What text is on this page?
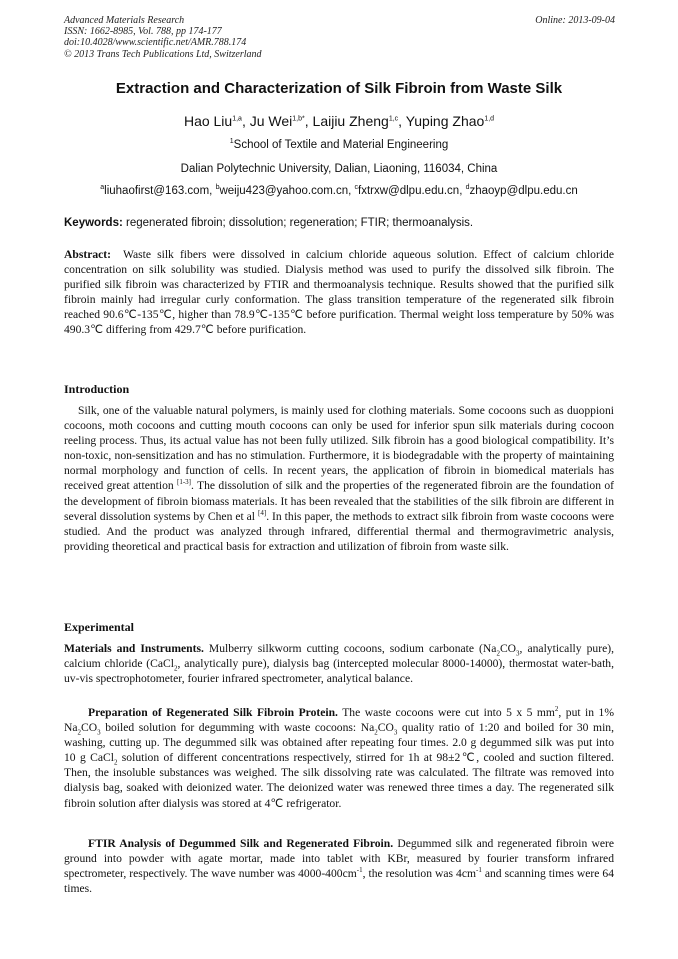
Advanced Materials Research
ISSN: 1662-8985, Vol. 788, pp 174-177
doi:10.4028/www.scientific.net/AMR.788.174
© 2013 Trans Tech Publications Ltd, Switzerland
Online: 2013-09-04
Extraction and Characterization of Silk Fibroin from Waste Silk
Hao Liu$^{1,a}$, Ju Wei$^{1,b*}$, Laijiu Zheng$^{1,c}$, Yuping Zhao$^{1,d}$
$^1$School of Textile and Material Engineering
Dalian Polytechnic University, Dalian, Liaoning, 116034, China
$^a$liuhaofirst@163.com, $^b$weiju423@yahoo.com.cn, $^c$fxtrxw@dlpu.edu.cn, $^d$zhaoyp@dlpu.edu.cn
Keywords: regenerated fibroin; dissolution; regeneration; FTIR; thermoanalysis.
Abstract: Waste silk fibers were dissolved in calcium chloride aqueous solution. Effect of calcium chloride concentration on silk solubility was studied. Dialysis method was used to purify the dissolved silk fibroin. The purified silk fibroin was characterized by FTIR and thermoanalysis technique. Results showed that the purified silk fibroin mainly had irregular curly conformation. The glass transition temperature of the regenerated silk fibroin reached 90.6℃-135℃, higher than 78.9℃-135℃ before purification. Thermal weight loss temperature by 50% was 490.3℃ differing from 429.7℃ before purification.
Introduction
Silk, one of the valuable natural polymers, is mainly used for clothing materials. Some cocoons such as duoppioni cocoons, moth cocoons and cutting mouth cocoons can only be used for inferior spun silk materials during cocoon reeling process. Thus, its actual value has not been fully utilized. Silk fibroin has a good biological compatibility. It’s non-toxic, non-sensitization and has no stimulation. Furthermore, it is biodegradable with the property of maintaining normal morphology and function of cells. In recent years, the application of fibroin in biomedical materials has received great attention [1-3]. The dissolution of silk and the properties of the regenerated fibroin are the foundation of the development of fibroin biomass materials. It has been revealed that the stabilities of the silk fibroin are different in several dissolution systems by Chen et al [4]. In this paper, the methods to extract silk fibroin from waste cocoons were studied. And the product was analyzed through infrared, differential thermal and thermogravimetric analysis, providing theoretical and practical basis for extraction and utilization of fibroin from waste silk.
Experimental
Materials and Instruments. Mulberry silkworm cutting cocoons, sodium carbonate ($Na_2CO_3$, analytically pure), calcium chloride (CaCl$_2$, analytically pure), dialysis bag (intercepted molecular 8000-14000), thermostat water-bath, uv-vis spectrophotometer, fourier infrared spectrometer, analytical balance.
Preparation of Regenerated Silk Fibroin Protein. The waste cocoons were cut into 5 x 5 $mm^2$, put in 1% $Na_2CO_3$ boiled solution for degumming with waste cocoons: $Na_2CO_3$ quality ratio of 1:20 and boiled for 30 min, washing, cutting up. The degummed silk was obtained after repeating four times. 2.0 g degummed silk was put into 10 g CaCl$_2$ solution of different concentrations respectively, stirred for 1h at 98±2℃, cooled and suction filtered. Then, the insoluble substances was weighed. The silk dissolving rate was calculated. The filtrate was removed into dialysis bag, soaked with deionized water. The deionized water was renewed three times a day. The regenerated silk fibroin solution after dialysis was stored at 4℃ refrigerator.
FTIR Analysis of Degummed Silk and Regenerated Fibroin. Degummed silk and regenerated fibroin were ground into powder with agate mortar, made into tablet with KBr, measured by fourier transform infrared spectrometer, respectively. The wave number was $4000-400cm^{-1}$, the resolution was $4cm^{-1}$ and scanning times were 64 times.
